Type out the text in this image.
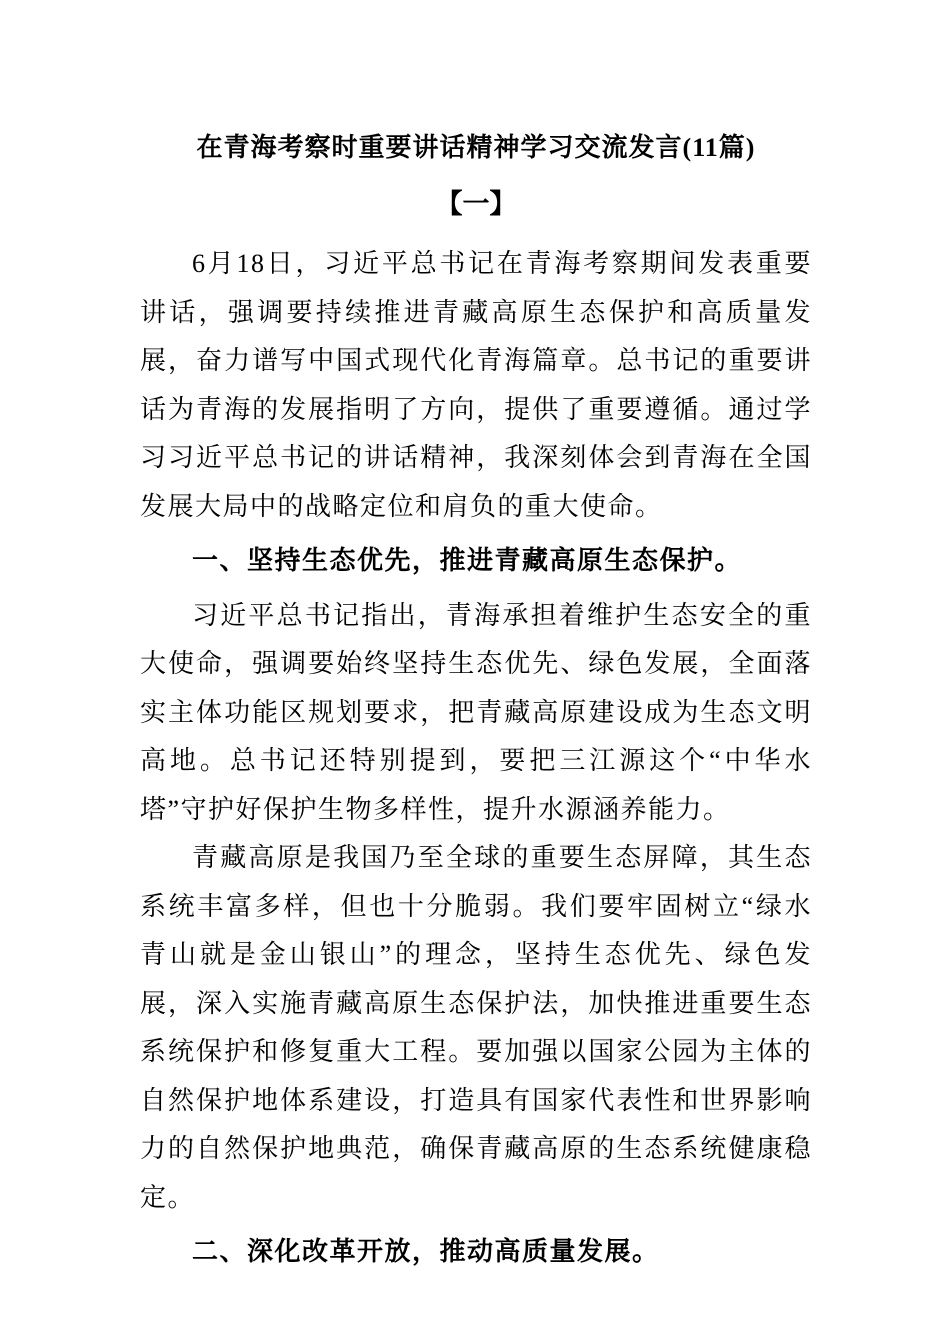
在青海考察时重要讲话精神学习交流发言(11篇)
【一】
6月18日，习近平总书记在青海考察期间发表重要讲话，强调要持续推进青藏高原生态保护和高质量发展，奋力谱写中国式现代化青海篇章。总书记的重要讲话为青海的发展指明了方向，提供了重要遵循。通过学习习近平总书记的讲话精神，我深刻体会到青海在全国发展大局中的战略定位和肩负的重大使命。
一、坚持生态优先，推进青藏高原生态保护。
习近平总书记指出，青海承担着维护生态安全的重大使命，强调要始终坚持生态优先、绿色发展，全面落实主体功能区规划要求，把青藏高原建设成为生态文明高地。总书记还特别提到，要把三江源这个“中华水塔”守护好保护生物多样性，提升水源涵养能力。
青藏高原是我国乃至全球的重要生态屏障，其生态系统丰富多样，但也十分脆弱。我们要牢固树立“绿水青山就是金山银山”的理念，坚持生态优先、绿色发展，深入实施青藏高原生态保护法，加快推进重要生态系统保护和修复重大工程。要加强以国家公园为主体的自然保护地体系建设，打造具有国家代表性和世界影响力的自然保护地典范，确保青藏高原的生态系统健康稳定。
二、深化改革开放，推动高质量发展。
